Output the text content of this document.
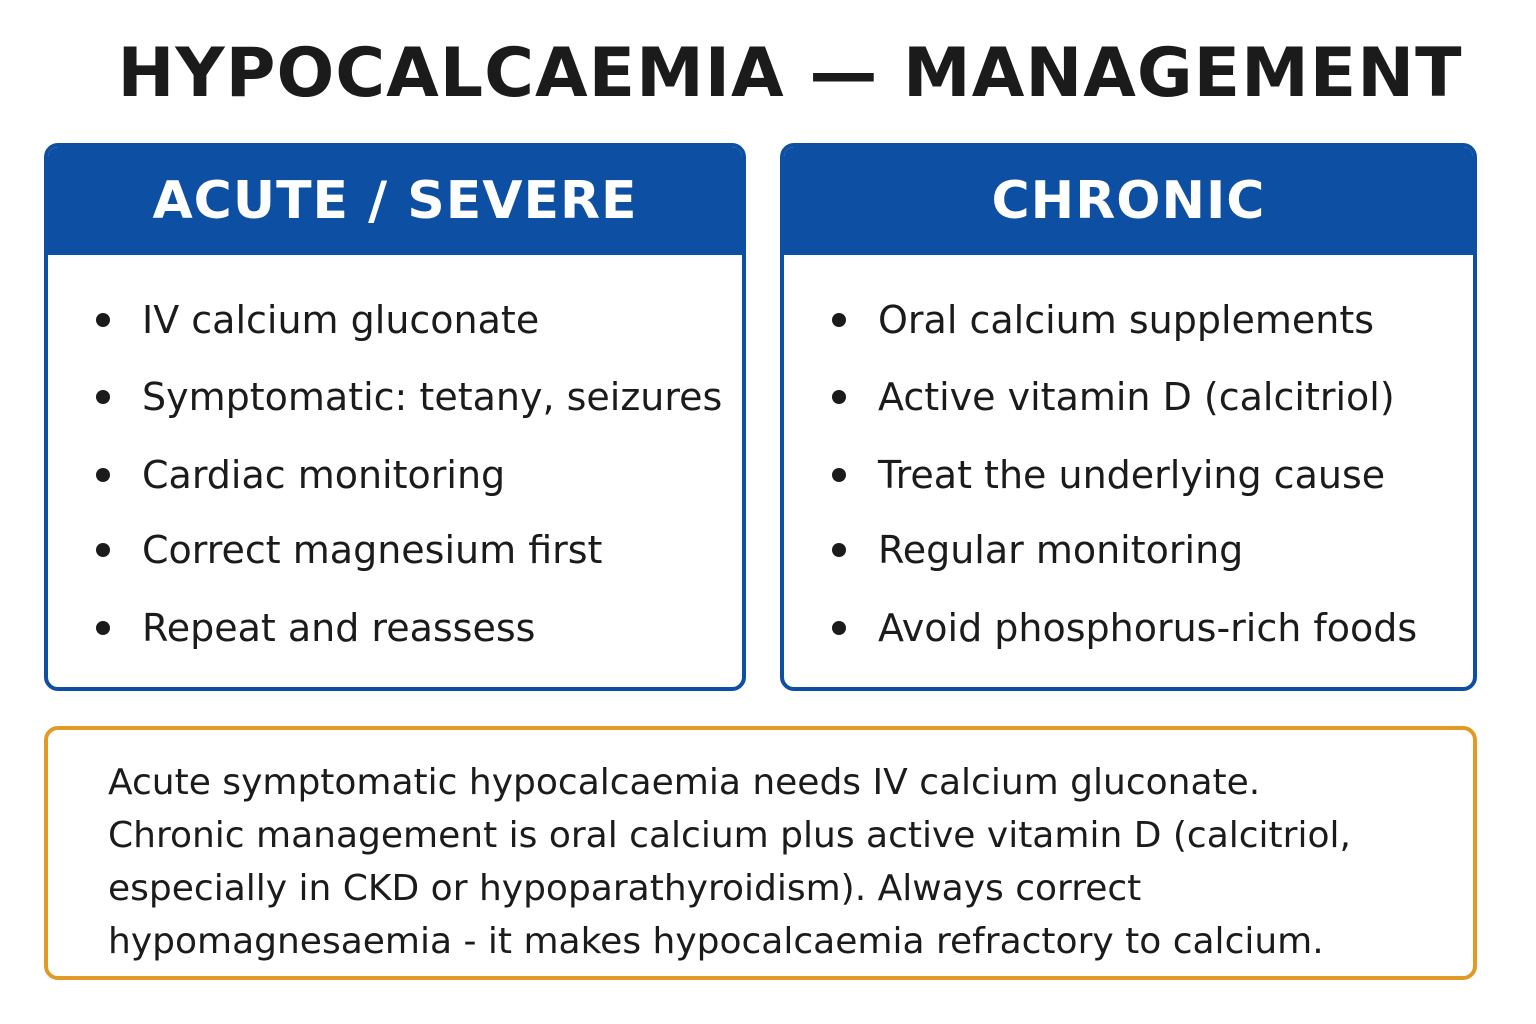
HYPOCALCAEMIA — MANAGEMENT
ACUTE / SEVERE
IV calcium gluconate
Symptomatic: tetany, seizures
Cardiac monitoring
Correct magnesium first
Repeat and reassess
CHRONIC
Oral calcium supplements
Active vitamin D (calcitriol)
Treat the underlying cause
Regular monitoring
Avoid phosphorus-rich foods

Acute symptomatic hypocalcaemia needs IV calcium gluconate. Chronic management is oral calcium plus active vitamin D (calcitriol, especially in CKD or hypoparathyroidism). Always correct hypomagnesaemia - it makes hypocalcaemia refractory to calcium.
